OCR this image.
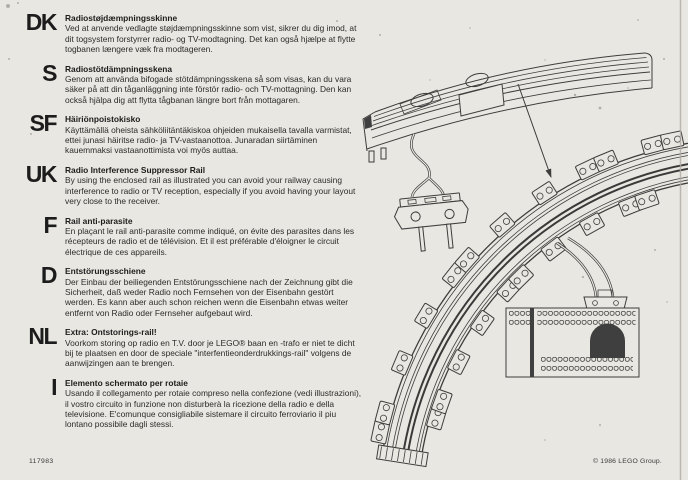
DK	Radiostøjdæmpningsskinne
Ved at anvende vedlagte støjdæmpningsskinne som vist, sikrer du dig imod, at dit togsystem forstyrrer radio- og TV-modtagning. Det kan også hjælpe at flytte togbanen længere væk fra modtageren.
S	Radiostötdämpningsskena
Genom att använda bifogade stötdämpningsskena så som visas, kan du vara säker på att din tåganläggning inte förstör radio- och TV-mottagning. Den kan också hjälpa dig att flytta tågbanan längre bort från mottagaren.
SF	Häiriönpoistokisko
Käyttämällä oheista sähköliitäntäkiskoa ohjeiden mukaisella tavalla varmistat, ettei junasi häiritse radio- ja TV-vastaanottoa. Junaradan siirtäminen kauemmaksi vastaanottimista voi myös auttaa.
UK	Radio Interference Suppressor Rail
By using the enclosed rail as illustrated you can avoid your railway causing interference to radio or TV reception, especially if you avoid having your layout very close to the receiver.
F	Rail anti-parasite
En plaçant le rail anti-parasite comme indiqué, on évite des parasites dans les récepteurs de radio et de télévision. Et il est préférable d'éloigner le circuit électrique de ces appareils.
D	Entstörungsschiene
Der Einbau der beiliegenden Entstörungsschiene nach der Zeichnung gibt die Sicherheit, daß weder Radio noch Fernsehen von der Eisenbahn gestört werden. Es kann aber auch schon reichen wenn die Eisenbahn etwas weiter entfernt von Radio oder Fernseher aufgebaut wird.
NL	Extra: Ontstorings-rail!
Voorkom storing op radio en T.V. door je LEGO® baan en -trafo er niet te dicht bij te plaatsen en door de speciale "interfentieonderdrukkings-rail" volgens de aanwijzingen aan te brengen.
I	Elemento schermato per rotaie
Usando il collegamento per rotaie compreso nella confezione (vedi illustrazioni), il vostro circuito in funzione non disturberà la ricezione della radio e della televisione. E'comunque consigliabile sistemare il circuito ferroviario il piu lontano possibile dagli stessi.
117983	© 1986 LEGO Group.
